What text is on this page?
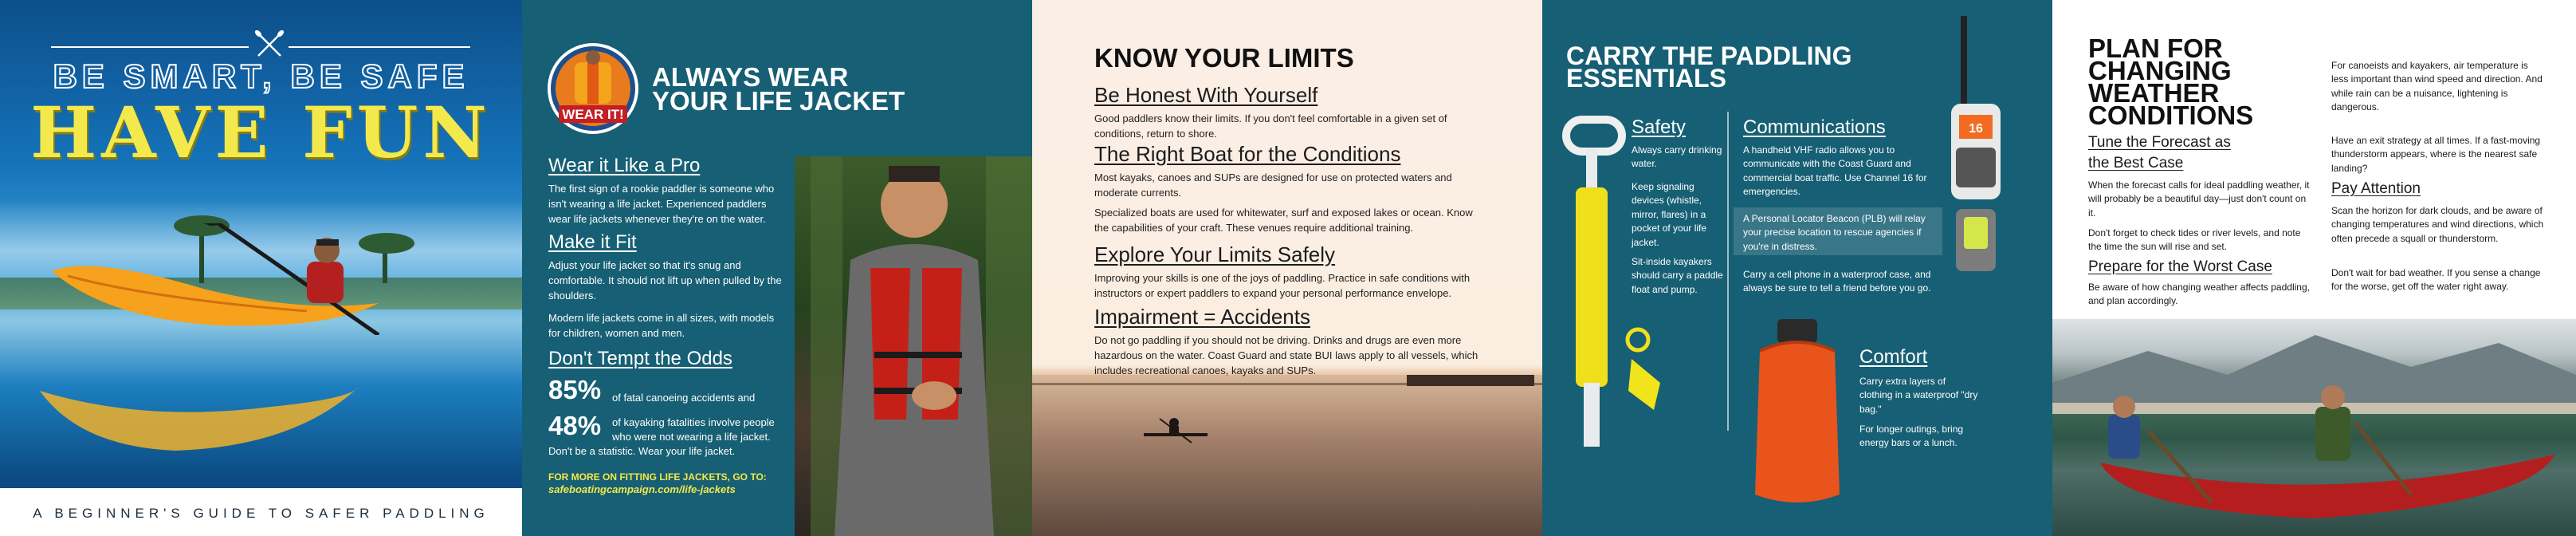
BE SMART, BE SAFE
HAVE FUN
A BEGINNER'S GUIDE TO SAFER PADDLING
WEAR IT!
ALWAYS WEAR
YOUR LIFE JACKET
Wear it Like a Pro
The first sign of a rookie paddler is someone who isn't wearing a life jacket. Experienced paddlers wear life jackets whenever they're on the water.
Make it Fit
Adjust your life jacket so that it's snug and comfortable. It should not lift up when pulled by the shoulders.
Modern life jackets come in all sizes, with models for children, women and men.
Don't Tempt the Odds
85% of fatal canoeing accidents and
48% of kayaking fatalities involve people who were not wearing a life jacket.
Don't be a statistic. Wear your life jacket.
FOR MORE ON FITTING LIFE JACKETS, GO TO:
safeboatingcampaign.com/life-jackets
KNOW YOUR LIMITS
Be Honest With Yourself
Good paddlers know their limits. If you don't feel comfortable in a given set of conditions, return to shore.
The Right Boat for the Conditions
Most kayaks, canoes and SUPs are designed for use on protected waters and moderate currents.
Specialized boats are used for whitewater, surf and exposed lakes or ocean. Know the capabilities of your craft. These venues require additional training.
Explore Your Limits Safely
Improving your skills is one of the joys of paddling. Practice in safe conditions with instructors or expert paddlers to expand your personal performance envelope.
Impairment = Accidents
Do not go paddling if you should not be driving. Drinks and drugs are even more hazardous on the water. Coast Guard and state BUI laws apply to all vessels, which includes recreational canoes, kayaks and SUPs.
CARRY THE PADDLING
ESSENTIALS
Safety
Always carry drinking water.
Keep signaling devices (whistle, mirror, flares) in a pocket of your life jacket.
Sit-inside kayakers should carry a paddle float and pump.
Communications
A handheld VHF radio allows you to communicate with the Coast Guard and commercial boat traffic. Use Channel 16 for emergencies.
A Personal Locator Beacon (PLB) will relay your precise location to rescue agencies if you're in distress.
Carry a cell phone in a waterproof case, and always be sure to tell a friend before you go.
16
Comfort
Carry extra layers of clothing in a waterproof "dry bag."
For longer outings, bring energy bars or a lunch.
PLAN FOR
CHANGING
WEATHER
CONDITIONS
Tune the Forecast as
the Best Case
When the forecast calls for ideal paddling weather, it will probably be a beautiful day—just don't count on it.
Don't forget to check tides or river levels, and note the time the sun will rise and set.
Prepare for the Worst Case
Be aware of how changing weather affects paddling, and plan accordingly.
For canoeists and kayakers, air temperature is less important than wind speed and direction. And while rain can be a nuisance, lightening is dangerous.
Have an exit strategy at all times. If a fast-moving thunderstorm appears, where is the nearest safe landing?
Pay Attention
Scan the horizon for dark clouds, and be aware of changing temperatures and wind directions, which often precede a squall or thunderstorm.
Don't wait for bad weather. If you sense a change for the worse, get off the water right away.
